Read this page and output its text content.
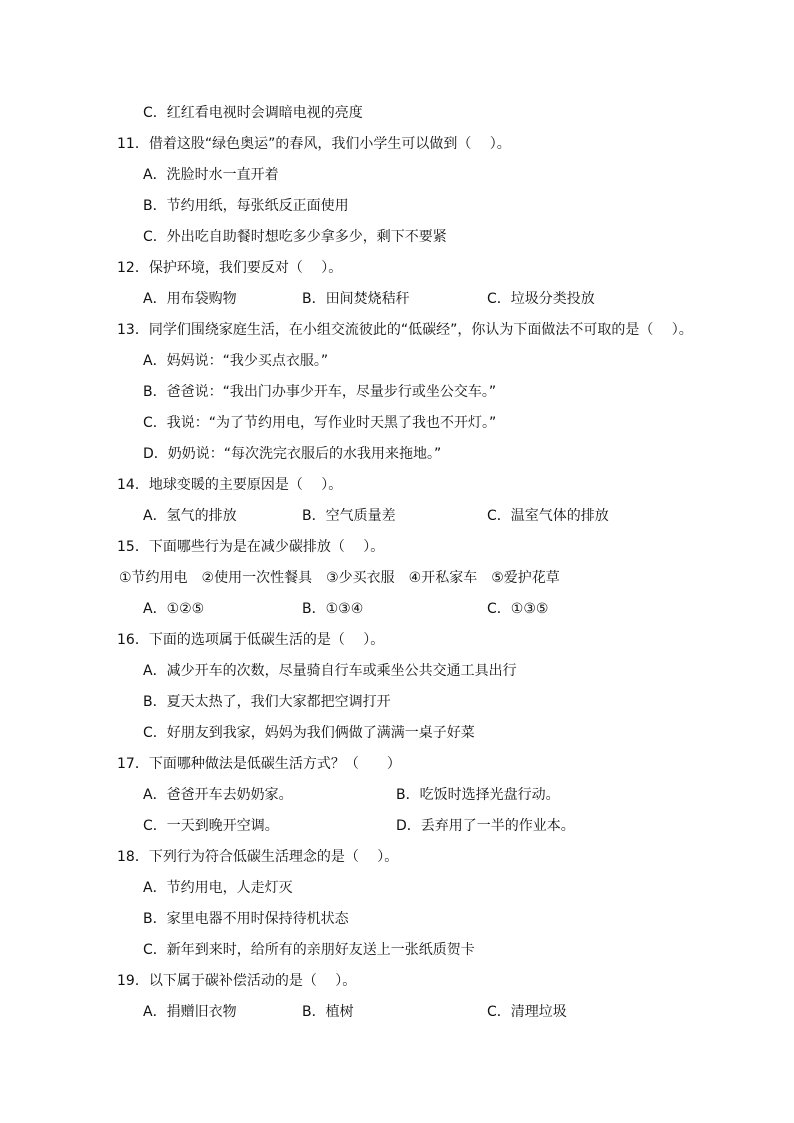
C．红红看电视时会调暗电视的亮度
11．借着这股“绿色奥运”的春风，我们小学生可以做到（　 ）。
A．洗脸时水一直开着
B．节约用纸，每张纸反正面使用
C．外出吃自助餐时想吃多少拿多少，剩下不要紧
12．保护环境，我们要反对（　 ）。
A．用布袋购物	B．田间焚烧秸秆	C．垃圾分类投放
13．同学们围绕家庭生活，在小组交流彼此的“低碳经”，你认为下面做法不可取的是（　 ）。
A．妈妈说：“我少买点衣服。”
B．爸爸说：“我出门办事少开车，尽量步行或坐公交车。”
C．我说：“为了节约用电，写作业时天黑了我也不开灯。”
D．奶奶说：“每次洗完衣服后的水我用来拖地。”
14．地球变暖的主要原因是（　 ）。
A．氢气的排放	B．空气质量差	C．温室气体的排放
15．下面哪些行为是在减少碳排放（　 ）。
①节约用电　②使用一次性餐具　③少买衣服　④开私家车　⑤爱护花草
A．①②⑤	B．①③④	C．①③⑤
16．下面的选项属于低碳生活的是（　 ）。
A．减少开车的次数，尽量骑自行车或乘坐公共交通工具出行
B．夏天太热了，我们大家都把空调打开
C．好朋友到我家，妈妈为我们俩做了满满一桌子好菜
17．下面哪种做法是低碳生活方式？（　　）
A．爸爸开车去奶奶家。	B．吃饭时选择光盘行动。
C．一天到晚开空调。	D．丢弃用了一半的作业本。
18．下列行为符合低碳生活理念的是（　 ）。
A．节约用电，人走灯灭
B．家里电器不用时保持待机状态
C．新年到来时，给所有的亲朋好友送上一张纸质贺卡
19．以下属于碳补偿活动的是（　 ）。
A．捐赠旧衣物	B．植树	C．清理垃圾
